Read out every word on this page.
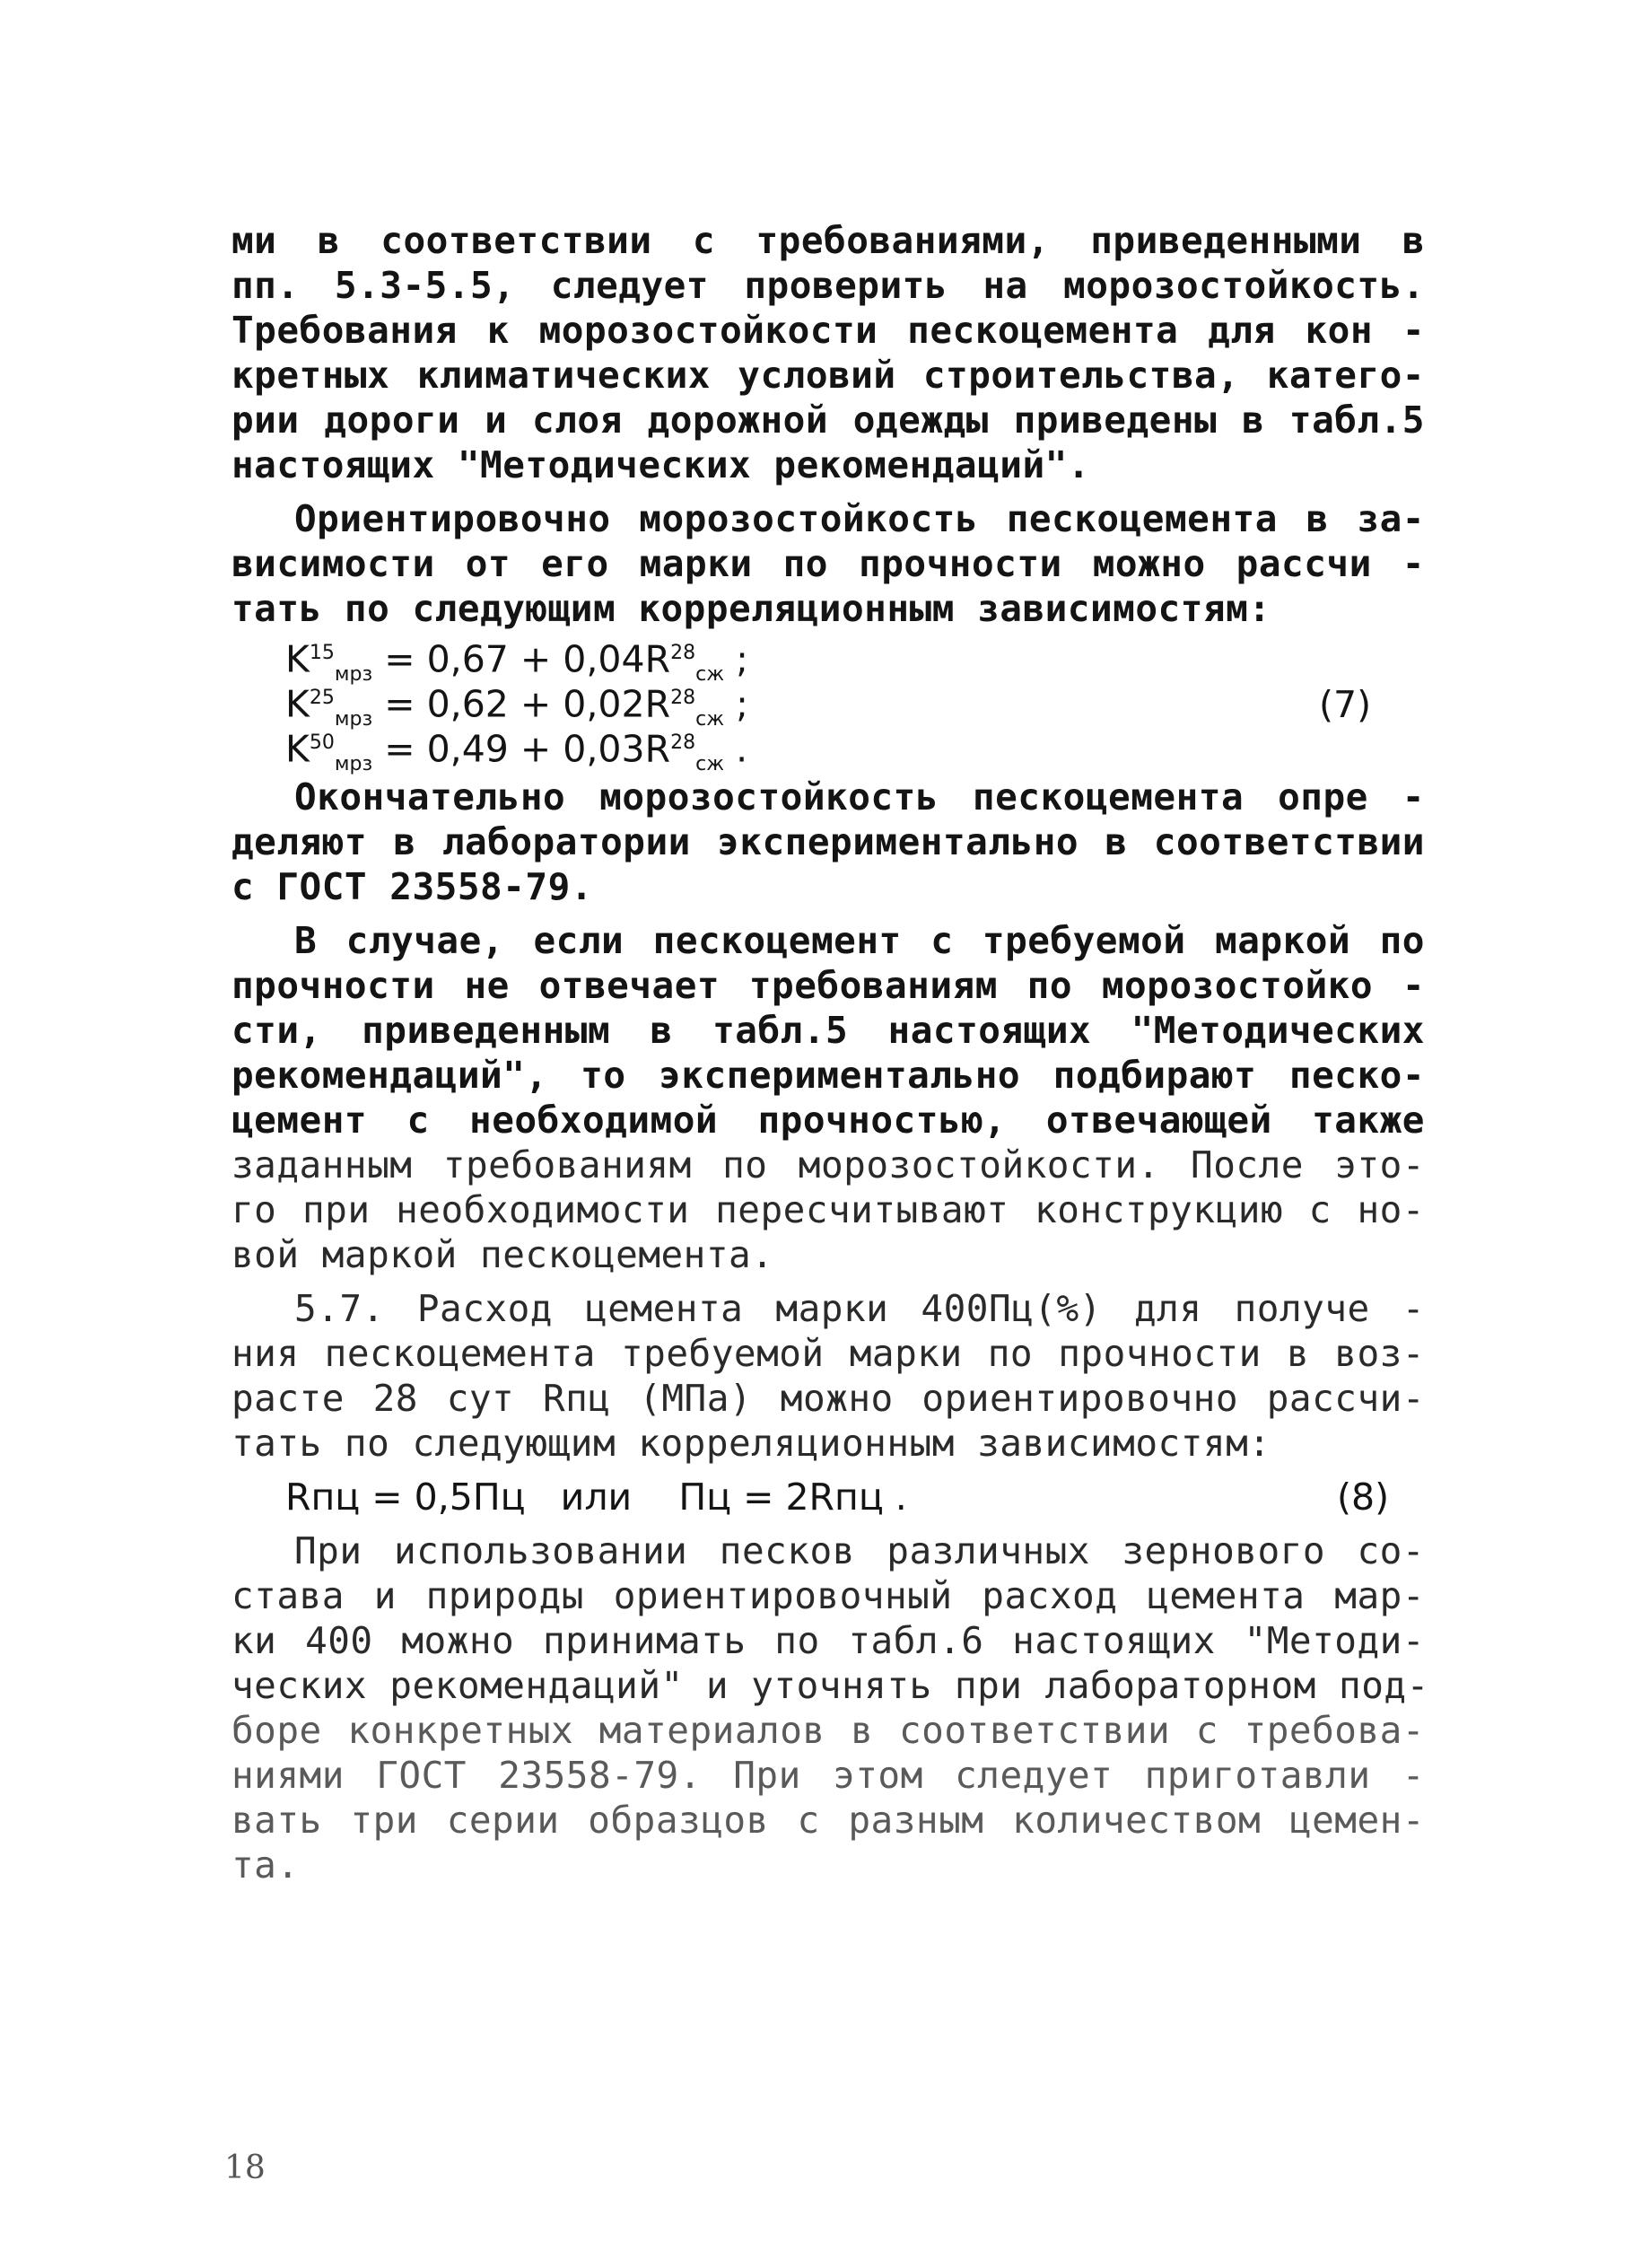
ми в соответствии с требованиями, приведенными в
пп. 5.3-5.5, следует проверить на морозостойкость.
Требования к морозостойкости пескоцемента для кон -
кретных климатических условий строительства, катего-
рии дороги и слоя дорожной одежды приведены в табл.5
настоящих "Методических рекомендаций".
Ориентировочно морозостойкость пескоцемента в за-
висимости от его марки по прочности можно рассчи -
тать по следующим корреляционным зависимостям:
$K^{15}_{мрз} = 0,67 + 0,04R^{28}_{сж}$ ;
$K^{25}_{мрз} = 0,62 + 0,02R^{28}_{сж}$ ;
$K^{50}_{мрз} = 0,49 + 0,03R^{28}_{сж}$ .
(7)
Окончательно морозостойкость пескоцемента опре -
деляют в лаборатории экспериментально в соответствии
с ГОСТ 23558-79.
В случае, если пескоцемент с требуемой маркой по
прочности не отвечает требованиям по морозостойко -
сти, приведенным в табл.5 настоящих "Методических
рекомендаций", то экспериментально подбирают песко-
цемент с необходимой прочностью, отвечающей также
заданным требованиям по морозостойкости. После это-
го при необходимости пересчитывают конструкцию с но-
вой маркой пескоцемента.
5.7. Расход цемента марки 400Пц(%) для получе -
ния пескоцемента требуемой марки по прочности в воз-
расте 28 сут Rпц (МПа) можно ориентировочно рассчи-
тать по следующим корреляционным зависимостям:
Rпц = 0,5Пц или Пц = 2Rпц .	(8)
При использовании песков различных зернового со-
става и природы ориентировочный расход цемента мар-
ки 400 можно принимать по табл.6 настоящих "Методи-
ческих рекомендаций" и уточнять при лабораторном под-
боре конкретных материалов в соответствии с требова-
ниями ГОСТ 23558-79. При этом следует приготавли -
вать три серии образцов с разным количеством цемен-
та.
18
